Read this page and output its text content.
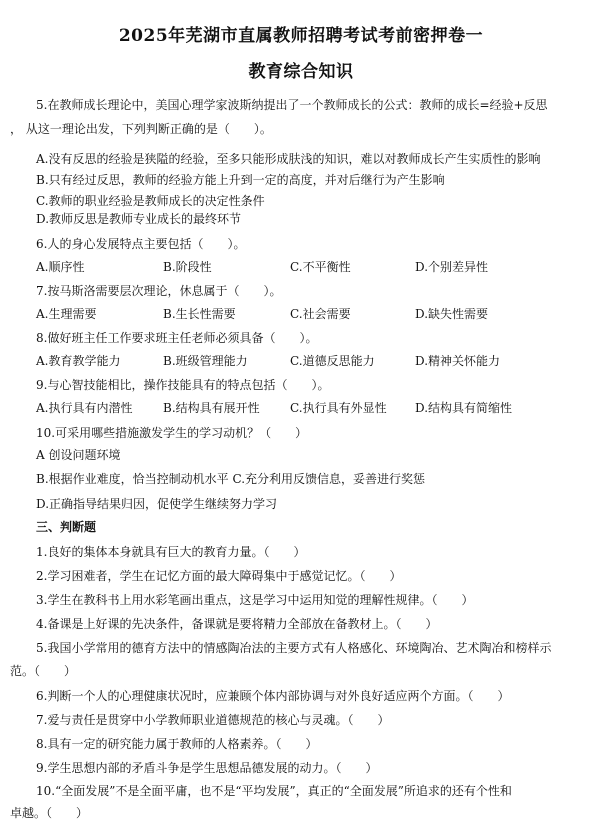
2025年芜湖市直属教师招聘考试考前密押卷一
教育综合知识
5.在教师成长理论中，美国心理学家波斯纳提出了一个教师成长的公式：教师的成长=经验+反思
， 从这一理论出发，下列判断正确的是（　　）。
A.没有反思的经验是狭隘的经验，至多只能形成肤浅的知识，难以对教师成长产生实质性的影响
B.只有经过反思，教师的经验方能上升到一定的高度，并对后继行为产生影响
C.教师的职业经验是教师成长的决定性条件
D.教师反思是教师专业成长的最终环节
6.人的身心发展特点主要包括（　　）。
A.顺序性	B.阶段性	C.不平衡性	D.个别差异性
7.按马斯洛需要层次理论，休息属于（　　）。
A.生理需要	B.生长性需要	C.社会需要	D.缺失性需要
8.做好班主任工作要求班主任老师必须具备（　　）。
A.教育教学能力	B.班级管理能力	C.道德反思能力	D.精神关怀能力
9.与心智技能相比，操作技能具有的特点包括（　　）。
A.执行具有内潜性	B.结构具有展开性	C.执行具有外显性 D.结构具有简缩性
10.可采用哪些措施激发学生的学习动机？（　　）
A 创设问题环境
B.根据作业难度，恰当控制动机水平 C.充分利用反馈信息，妥善进行奖惩
D.正确指导结果归因，促使学生继续努力学习
三、判断题
1.良好的集体本身就具有巨大的教育力量。（　　）
2.学习困难者，学生在记忆方面的最大障碍集中于感觉记忆。（　　）
3.学生在教科书上用水彩笔画出重点，这是学习中运用知觉的理解性规律。（　　）
4.备课是上好课的先决条件，备课就是要将精力全部放在备教材上。（　　）
5.我国小学常用的德育方法中的情感陶冶法的主要方式有人格感化、环境陶冶、艺术陶冶和榜样示
范。（　　）
6.判断一个人的心理健康状况时，应兼顾个体内部协调与对外良好适应两个方面。（　　）
7.爱与责任是贯穿中小学教师职业道德规范的核心与灵魂。（　　）
8.具有一定的研究能力属于教师的人格素养。（　　）
9.学生思想内部的矛盾斗争是学生思想品德发展的动力。（　　）
10.“全面发展”不是全面平庸，也不是“平均发展”，真正的“全面发展”所追求的还有个性和
卓越。（　　）
